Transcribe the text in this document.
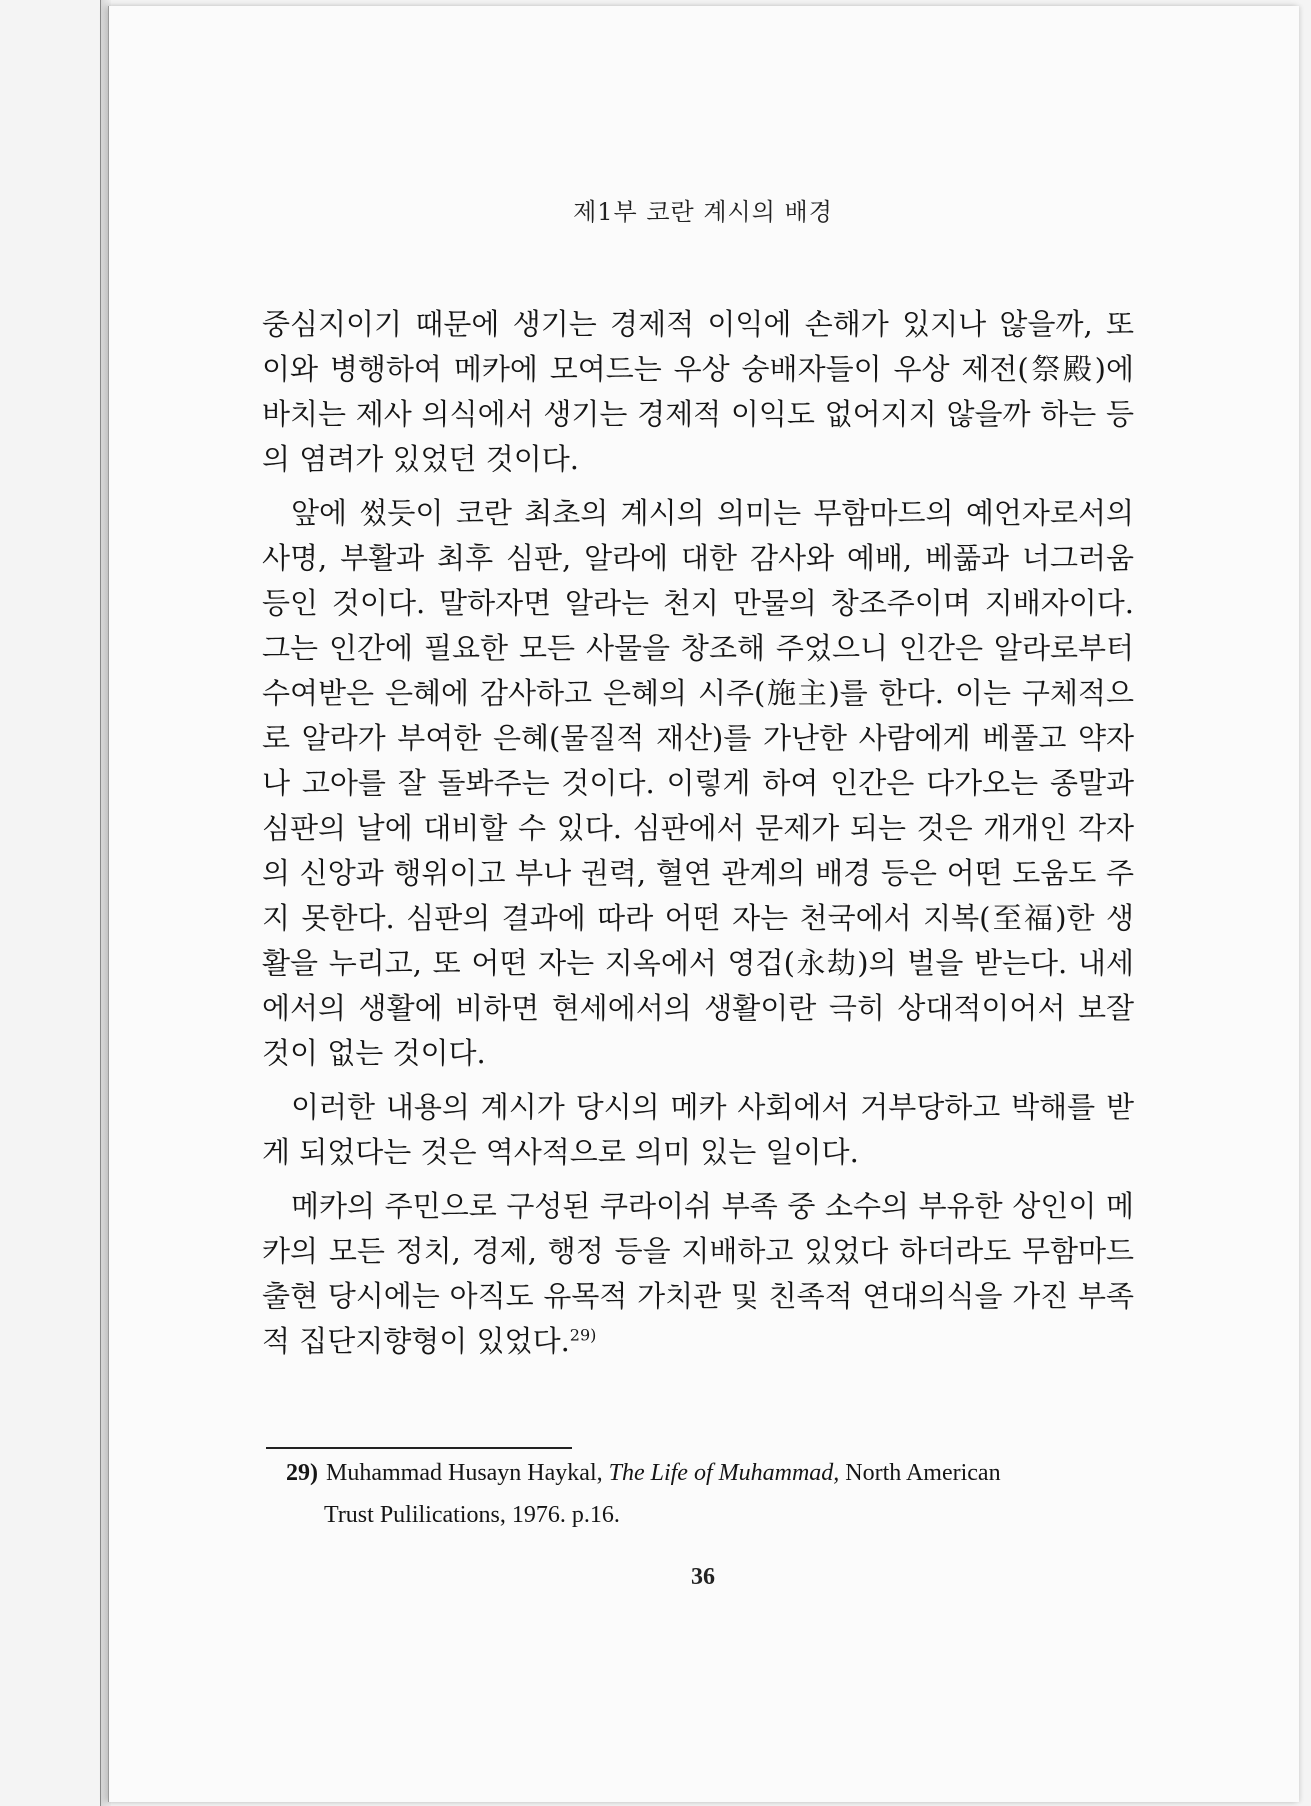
제1부 코란 계시의 배경

중심지이기 때문에 생기는 경제적 이익에 손해가 있지나 않을까, 또 이와 병행하여 메카에 모여드는 우상 숭배자들이 우상 제전(祭殿)에 바치는 제사 의식에서 생기는 경제적 이익도 없어지지 않을까 하는 등의 염려가 있었던 것이다.

앞에 썼듯이 코란 최초의 계시의 의미는 무함마드의 예언자로서의 사명, 부활과 최후 심판, 알라에 대한 감사와 예배, 베풂과 너그러움 등인 것이다. 말하자면 알라는 천지 만물의 창조주이며 지배자이다. 그는 인간에 필요한 모든 사물을 창조해 주었으니 인간은 알라로부터 수여받은 은혜에 감사하고 은혜의 시주(施主)를 한다. 이는 구체적으로 알라가 부여한 은혜(물질적 재산)를 가난한 사람에게 베풀고 약자나 고아를 잘 돌봐주는 것이다. 이렇게 하여 인간은 다가오는 종말과 심판의 날에 대비할 수 있다. 심판에서 문제가 되는 것은 개개인 각자의 신앙과 행위이고 부나 권력, 혈연 관계의 배경 등은 어떤 도움도 주지 못한다. 심판의 결과에 따라 어떤 자는 천국에서 지복(至福)한 생활을 누리고, 또 어떤 자는 지옥에서 영겁(永劫)의 벌을 받는다. 내세에서의 생활에 비하면 현세에서의 생활이란 극히 상대적이어서 보잘것이 없는 것이다.

이러한 내용의 계시가 당시의 메카 사회에서 거부당하고 박해를 받게 되었다는 것은 역사적으로 의미 있는 일이다.

메카의 주민으로 구성된 쿠라이쉬 부족 중 소수의 부유한 상인이 메카의 모든 정치, 경제, 행정 등을 지배하고 있었다 하더라도 무함마드 출현 당시에는 아직도 유목적 가치관 및 친족적 연대의식을 가진 부족적 집단지향형이 있었다.$^{29)}$

29) Muhammad Husayn Haykal, The Life of Muhammad, North American
Trust Pulilications, 1976. p.16.
36
